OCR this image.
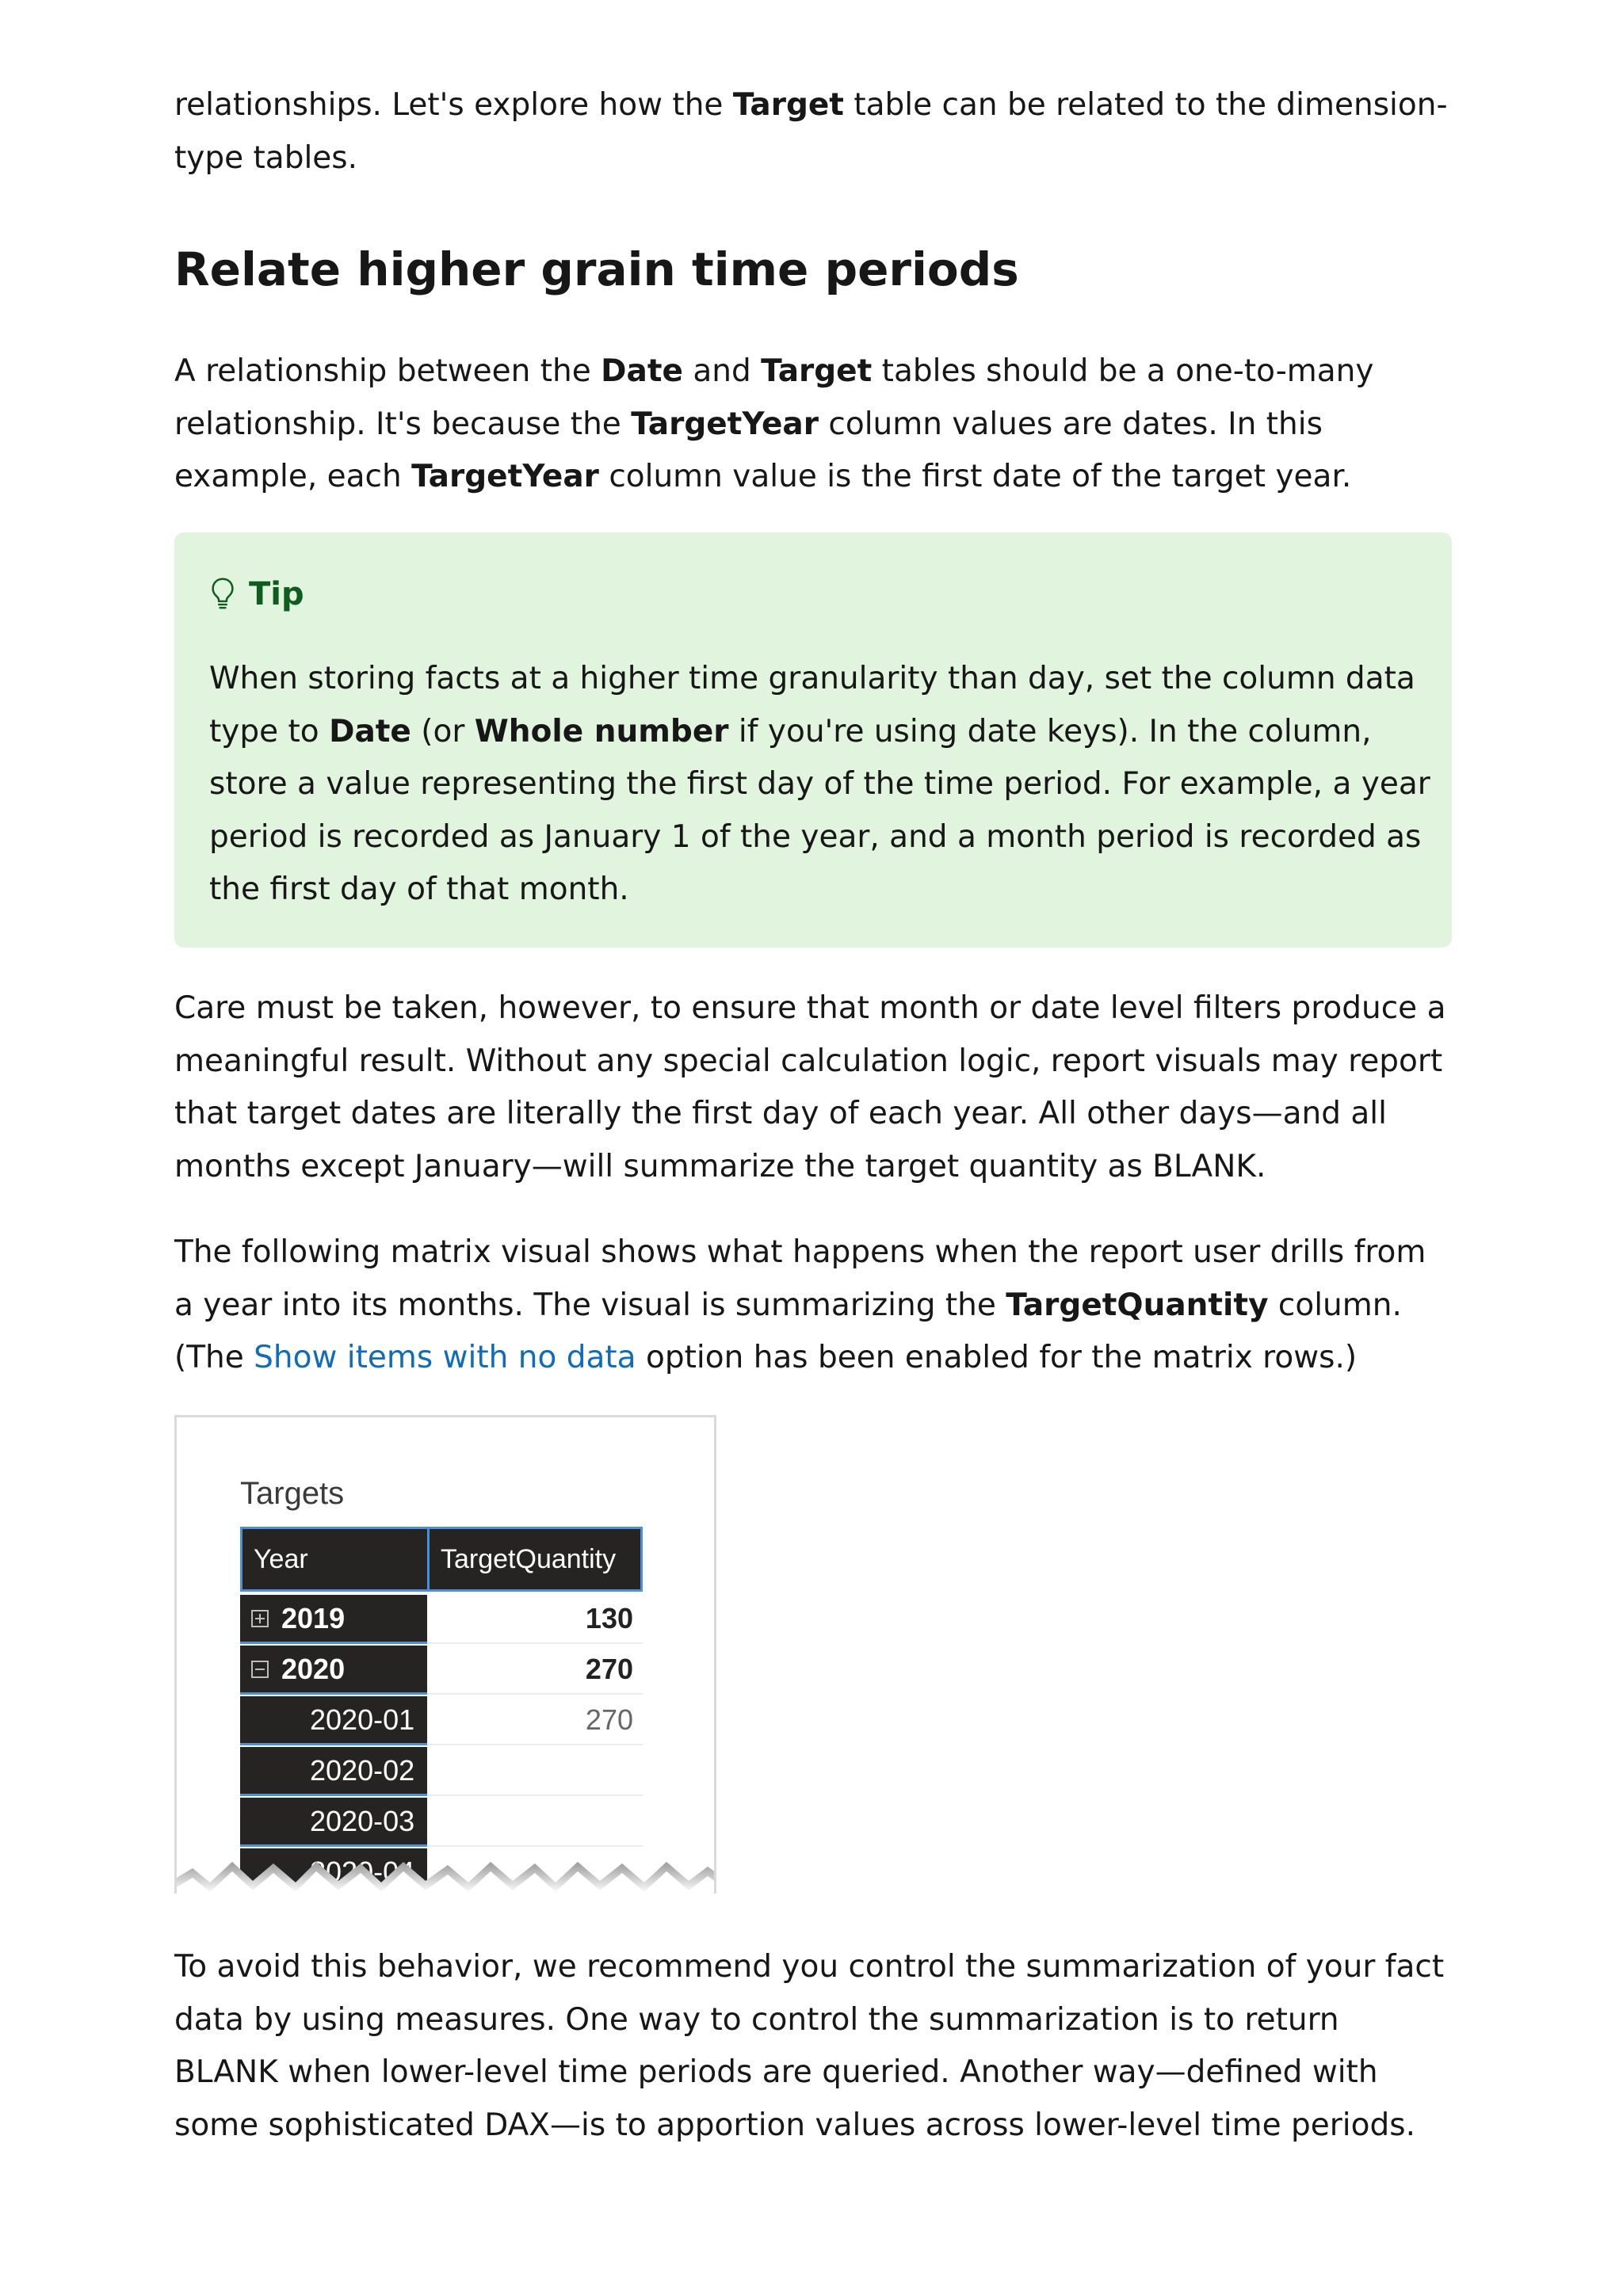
relationships. Let's explore how the Target table can be related to the dimension-type tables.

Relate higher grain time periods

A relationship between the Date and Target tables should be a one-to-many relationship. It's because the TargetYear column values are dates. In this example, each TargetYear column value is the first date of the target year.

Tip

When storing facts at a higher time granularity than day, set the column data type to Date (or Whole number if you're using date keys). In the column, store a value representing the first day of the time period. For example, a year period is recorded as January 1 of the year, and a month period is recorded as the first day of that month.

Care must be taken, however, to ensure that month or date level filters produce a meaningful result. Without any special calculation logic, report visuals may report that target dates are literally the first day of each year. All other days—and all months except January—will summarize the target quantity as BLANK.

The following matrix visual shows what happens when the report user drills from a year into its months. The visual is summarizing the TargetQuantity column. (The Show items with no data option has been enabled for the matrix rows.)

Targets
Year	TargetQuantity
2019	130
2020	270
2020-01	270
2020-02
2020-03

To avoid this behavior, we recommend you control the summarization of your fact data by using measures. One way to control the summarization is to return BLANK when lower-level time periods are queried. Another way—defined with some sophisticated DAX—is to apportion values across lower-level time periods.
